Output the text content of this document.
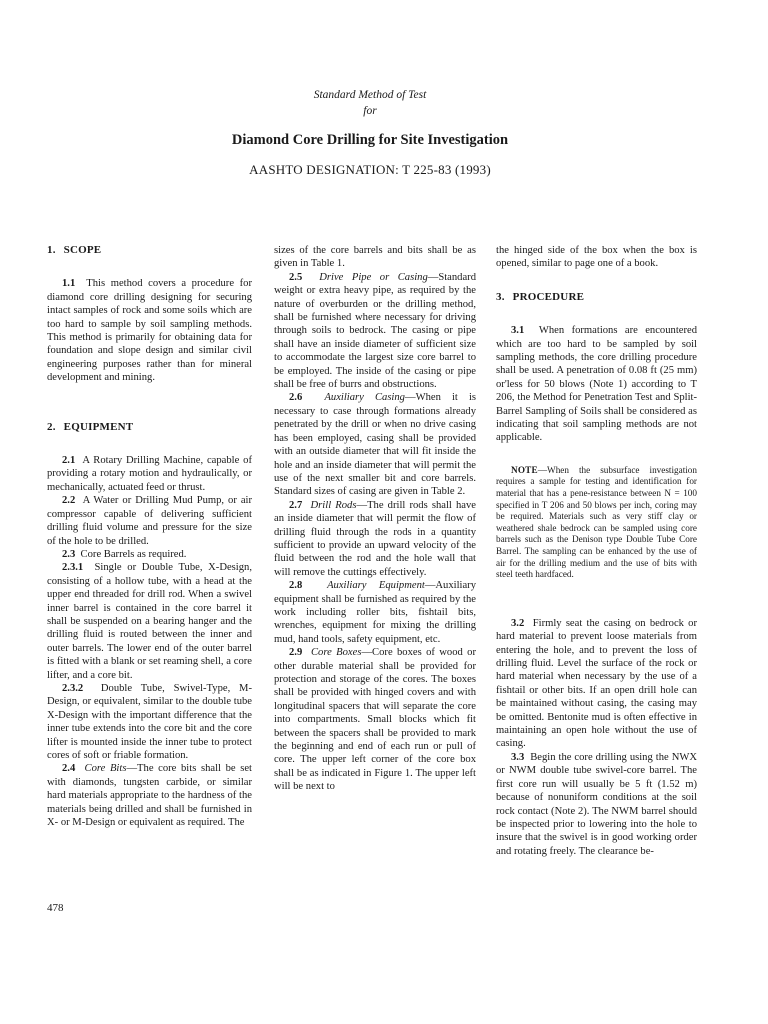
Standard Method of Test
for
Diamond Core Drilling for Site Investigation
AASHTO DESIGNATION: T 225-83 (1993)
1. SCOPE

1.1 This method covers a procedure for diamond core drilling designing for securing intact samples of rock and some soils which are too hard to sample by soil sampling methods. This method is primarily for obtaining data for foundation and slope design and similar civil engineering purposes rather than for mineral development and mining.

2. EQUIPMENT

2.1 A Rotary Drilling Machine, capable of providing a rotary motion and hydraulically, or mechanically, actuated feed or thrust.

2.2 A Water or Drilling Mud Pump, or air compressor capable of delivering sufficient drilling fluid volume and pressure for the size of the hole to be drilled.

2.3 Core Barrels as required.

2.3.1 Single or Double Tube, X-Design, consisting of a hollow tube, with a head at the upper end threaded for drill rod. When a swivel inner barrel is contained in the core barrel it shall be suspended on a bearing hanger and the drilling fluid is routed between the inner and outer barrels. The lower end of the outer barrel is fitted with a blank or set reaming shell, a core lifter, and a core bit.

2.3.2 Double Tube, Swivel-Type, M-Design, or equivalent, similar to the double tube X-Design with the important difference that the inner tube extends into the core bit and the core lifter is mounted inside the inner tube to protect cores of soft or friable formation.

2.4 Core Bits—The core bits shall be set with diamonds, tungsten carbide, or similar hard materials appropriate to the hardness of the materials being drilled and shall be furnished in X- or M-Design or equivalent as required. The

sizes of the core barrels and bits shall be as given in Table 1.

2.5 Drive Pipe or Casing—Standard weight or extra heavy pipe, as required by the nature of overburden or the drilling method, shall be furnished where necessary for driving through soils to bedrock. The casing or pipe shall have an inside diameter of sufficient size to accommodate the largest size core barrel to be employed. The inside of the casing or pipe shall be free of burrs and obstructions.

2.6 Auxiliary Casing—When it is necessary to case through formations already penetrated by the drill or when no drive casing has been employed, casing shall be provided with an outside diameter that will fit inside the hole and an inside diameter that will permit the use of the next smaller bit and core barrels. Standard sizes of casing are given in Table 2.

2.7 Drill Rods—The drill rods shall have an inside diameter that will permit the flow of drilling fluid through the rods in a quantity sufficient to provide an upward velocity of the fluid between the rod and the hole wall that will remove the cuttings effectively.

2.8 Auxiliary Equipment—Auxiliary equipment shall be furnished as required by the work including roller bits, fishtail bits, wrenches, equipment for mixing the drilling mud, hand tools, safety equipment, etc.

2.9 Core Boxes—Core boxes of wood or other durable material shall be provided for protection and storage of the cores. The boxes shall be provided with hinged covers and with longitudinal spacers that will separate the core into compartments. Small blocks which fit between the spacers shall be provided to mark the beginning and end of each run or pull of core. The upper left corner of the core box shall be as indicated in Figure 1. The upper left will be next to

the hinged side of the box when the box is opened, similar to page one of a book.

3. PROCEDURE

3.1 When formations are encountered which are too hard to be sampled by soil sampling methods, the core drilling procedure shall be used. A penetration of 0.08 ft (25 mm) or'less for 50 blows (Note 1) according to T 206, the Method for Penetration Test and Split-Barrel Sampling of Soils shall be considered as indicating that soil sampling methods are not applicable.

NOTE—When the subsurface investigation requires a sample for testing and identification for material that has a pene-resistance between N = 100 specified in T 206 and 50 blows per inch, coring may be required. Materials such as very stiff clay or weathered shale bedrock can be sampled using core barrels such as the Denison type Double Tube Core Barrel. The sampling can be enhanced by the use of air for the drilling medium and the use of bits with steel teeth hardfaced.

3.2 Firmly seat the casing on bedrock or hard material to prevent loose materials from entering the hole, and to prevent the loss of drilling fluid. Level the surface of the rock or hard material when necessary by the use of a fishtail or other bits. If an open drill hole can be maintained without casing, the casing may be omitted. Bentonite mud is often effective in maintaining an open hole without the use of casing.

3.3 Begin the core drilling using the NWX or NWM double tube swivel-core barrel. The first core run will usually be 5 ft (1.52 m) because of nonuniform conditions at the soil rock contact (Note 2). The NWM barrel should be inspected prior to lowering into the hole to insure that the swivel is in good working order and rotating freely. The clearance be-

478
